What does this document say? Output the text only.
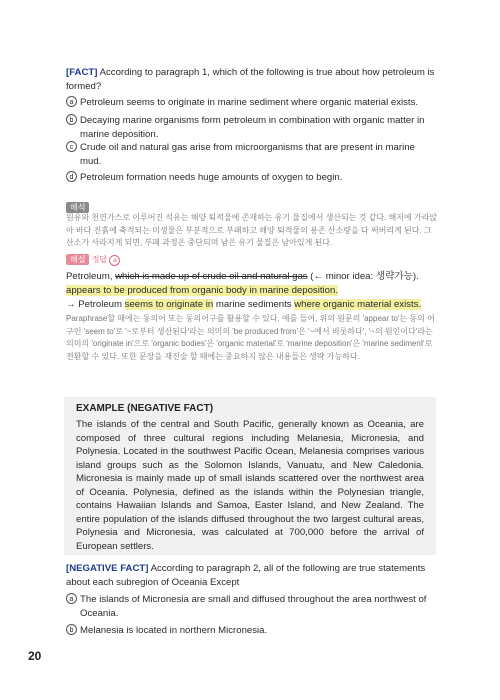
[FACT] According to paragraph 1, which of the following is true about how petroleum is formed?
a Petroleum seems to originate in marine sediment where organic material exists.
b Decaying marine organisms form petroleum in combination with organic matter in marine deposition.
c Crude oil and natural gas arise from microorganisms that are present in marine mud.
d Petroleum formation needs huge amounts of oxygen to begin.
해석
원유와 천연가스로 이루어진 석유는 해양 퇴적물에 존재하는 유기 물질에서 생산되는 것 같다. 해저에 가라앉아 바다 진흙에 축적되는 미생물은 부분적으로 부패하고 해양 퇴적물의 용존 산소량을 다 써버리게 된다. 그 산소가 사라지게 되면, 부패 과정은 중단되며 남은 유기 물질은 남아있게 된다.
해설 정답 a
Petroleum, which is made up of crude oil and natural gas (← minor idea: 생략가능).
appears to be produced from organic body in marine deposition.
→ Petroleum seems to originate in marine sediments where organic material exists.
Paraphrase할 때에는 동의어 또는 동의어구를 활용할 수 있다. 예를 들어, 위의 원문의 'appear to'는 동의 어구인 'seem to'로 '~로부터 생산된다'라는 의미의 'be produced from'은 '~에서 비롯하다', '~의 원인이다'라는 의미의 'originate in'으로 'organic bodies'은 'organic material'로 'marine deposition'은 'marine sediment'로 전환할 수 있다. 또한 문장을 재진술 할 때에는 중요하지 않은 내용들은 생략 가능하다.
EXAMPLE (NEGATIVE FACT)

The islands of the central and South Pacific, generally known as Oceania, are composed of three cultural regions including Melanesia, Micronesia, and Polynesia. Located in the southwest Pacific Ocean, Melanesia comprises various island groups such as the Solomon Islands, Vanuatu, and New Caledonia. Micronesia is mainly made up of small islands scattered over the northwest area of Oceania. Polynesia, defined as the islands within the Polynesian triangle, contains Hawaiian Islands and Samoa, Easter Island, and New Zealand. The entire population of the islands diffused throughout the two largest cultural areas, Polynesia and Micronesia, was calculated at 700,000 before the arrival of European settlers.

[NEGATIVE FACT] According to paragraph 2, all of the following are true statements about each subregion of Oceania Except
a The islands of Micronesia are small and diffused throughout the area northwest of Oceania.
b Melanesia is located in northern Micronesia.
20
